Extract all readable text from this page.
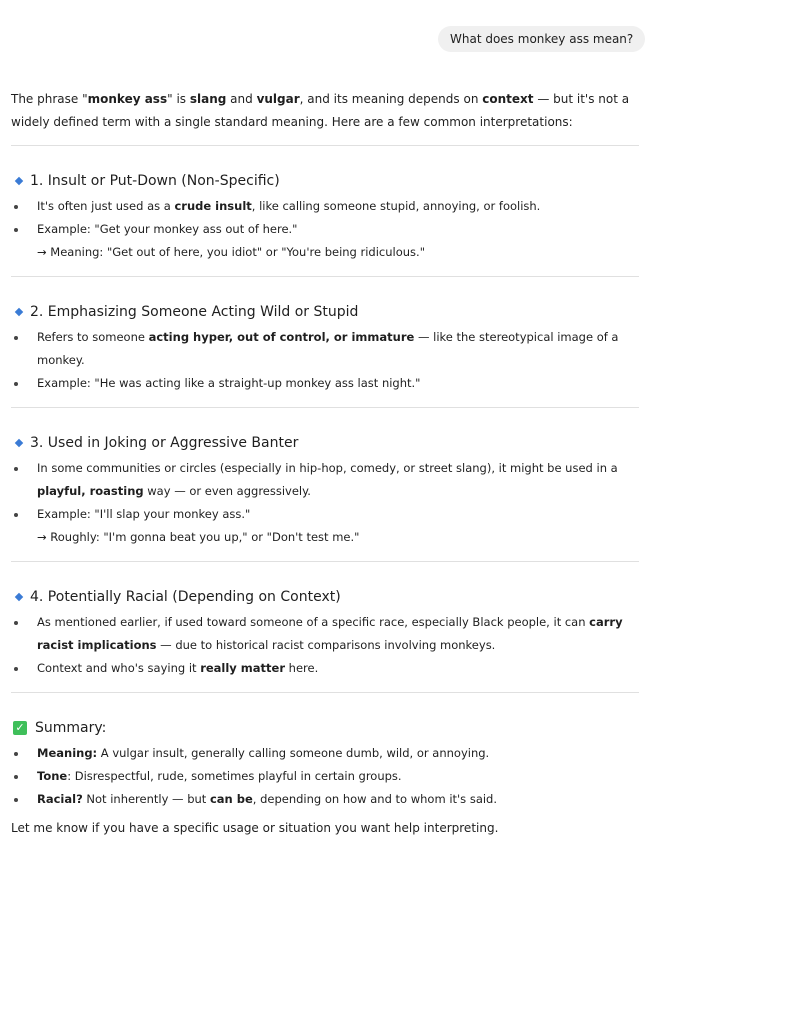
What does monkey ass mean?

The phrase "monkey ass" is slang and vulgar, and its meaning depends on context — but it's not a widely defined term with a single standard meaning. Here are a few common interpretations:

1. Insult or Put-Down (Non-Specific)
It's often just used as a crude insult, like calling someone stupid, annoying, or foolish.
Example: "Get your monkey ass out of here."
→ Meaning: "Get out of here, you idiot" or "You're being ridiculous."
2. Emphasizing Someone Acting Wild or Stupid
Refers to someone acting hyper, out of control, or immature — like the stereotypical image of a monkey.
Example: "He was acting like a straight-up monkey ass last night."
3. Used in Joking or Aggressive Banter
In some communities or circles (especially in hip-hop, comedy, or street slang), it might be used in a playful, roasting way — or even aggressively.
Example: "I'll slap your monkey ass."
→ Roughly: "I'm gonna beat you up," or "Don't test me."
4. Potentially Racial (Depending on Context)
As mentioned earlier, if used toward someone of a specific race, especially Black people, it can carry racist implications — due to historical racist comparisons involving monkeys.
Context and who's saying it really matter here.
✓ Summary:
Meaning: A vulgar insult, generally calling someone dumb, wild, or annoying.
Tone: Disrespectful, rude, sometimes playful in certain groups.
Racial? Not inherently — but can be, depending on how and to whom it's said.

Let me know if you have a specific usage or situation you want help interpreting.
